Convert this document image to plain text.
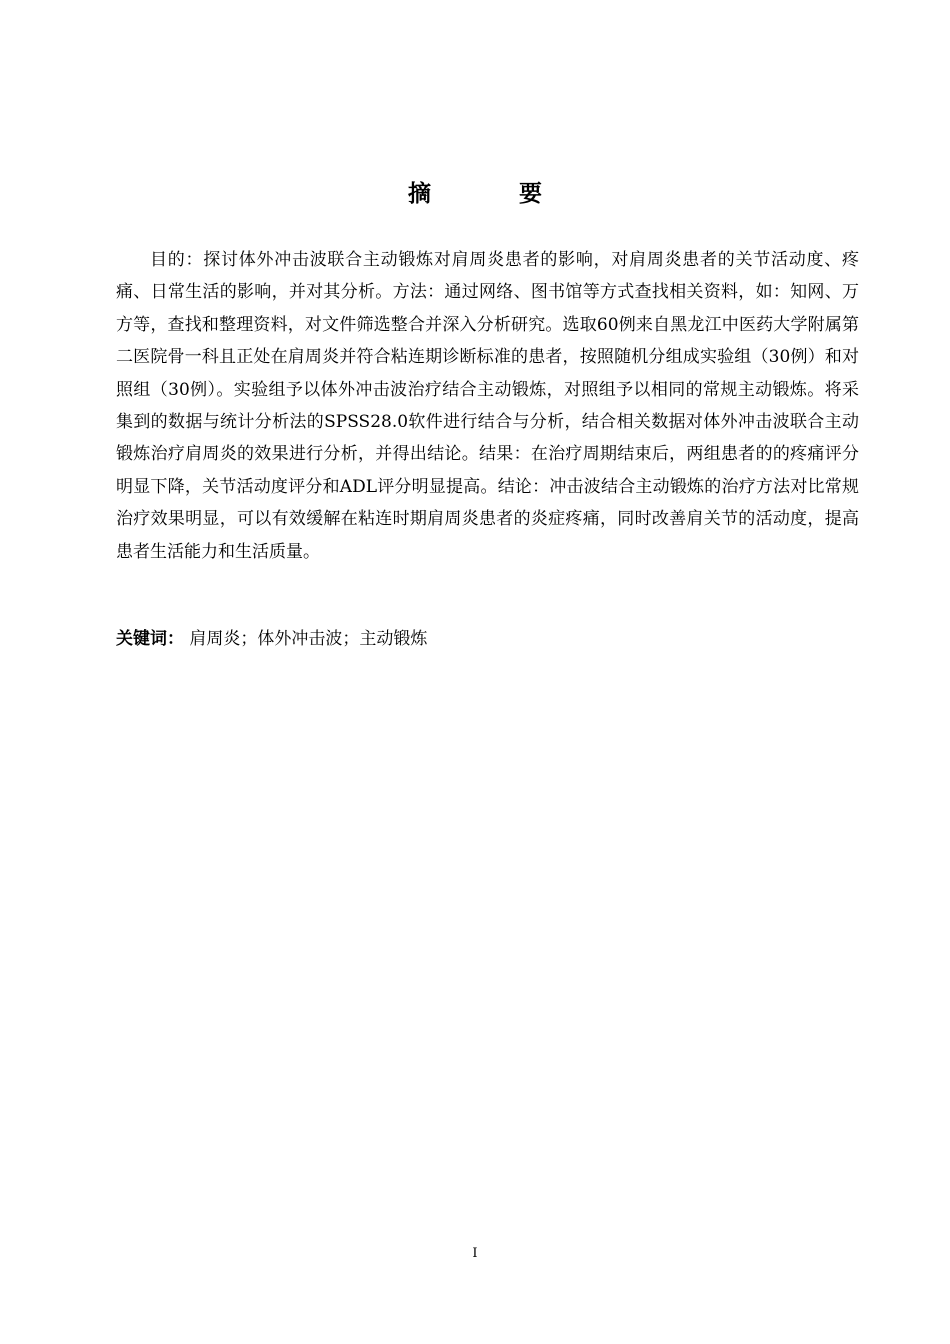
摘 要

目的：探讨体外冲击波联合主动锻炼对肩周炎患者的影响，对肩周炎患者的关节活动度、疼痛、日常生活的影响，并对其分析。方法：通过网络、图书馆等方式查找相关资料，如：知网、万方等，查找和整理资料，对文件筛选整合并深入分析研究。选取60例来自黑龙江中医药大学附属第二医院骨一科且正处在肩周炎并符合粘连期诊断标准的患者，按照随机分组成实验组（30例）和对照组（30例）。实验组予以体外冲击波治疗结合主动锻炼，对照组予以相同的常规主动锻炼。将采集到的数据与统计分析法的SPSS28.0软件进行结合与分析，结合相关数据对体外冲击波联合主动锻炼治疗肩周炎的效果进行分析，并得出结论。结果：在治疗周期结束后，两组患者的的疼痛评分明显下降，关节活动度评分和ADL评分明显提高。结论：冲击波结合主动锻炼的治疗方法对比常规治疗效果明显，可以有效缓解在粘连时期肩周炎患者的炎症疼痛，同时改善肩关节的活动度，提高患者生活能力和生活质量。

关键词： 肩周炎；体外冲击波；主动锻炼

I
